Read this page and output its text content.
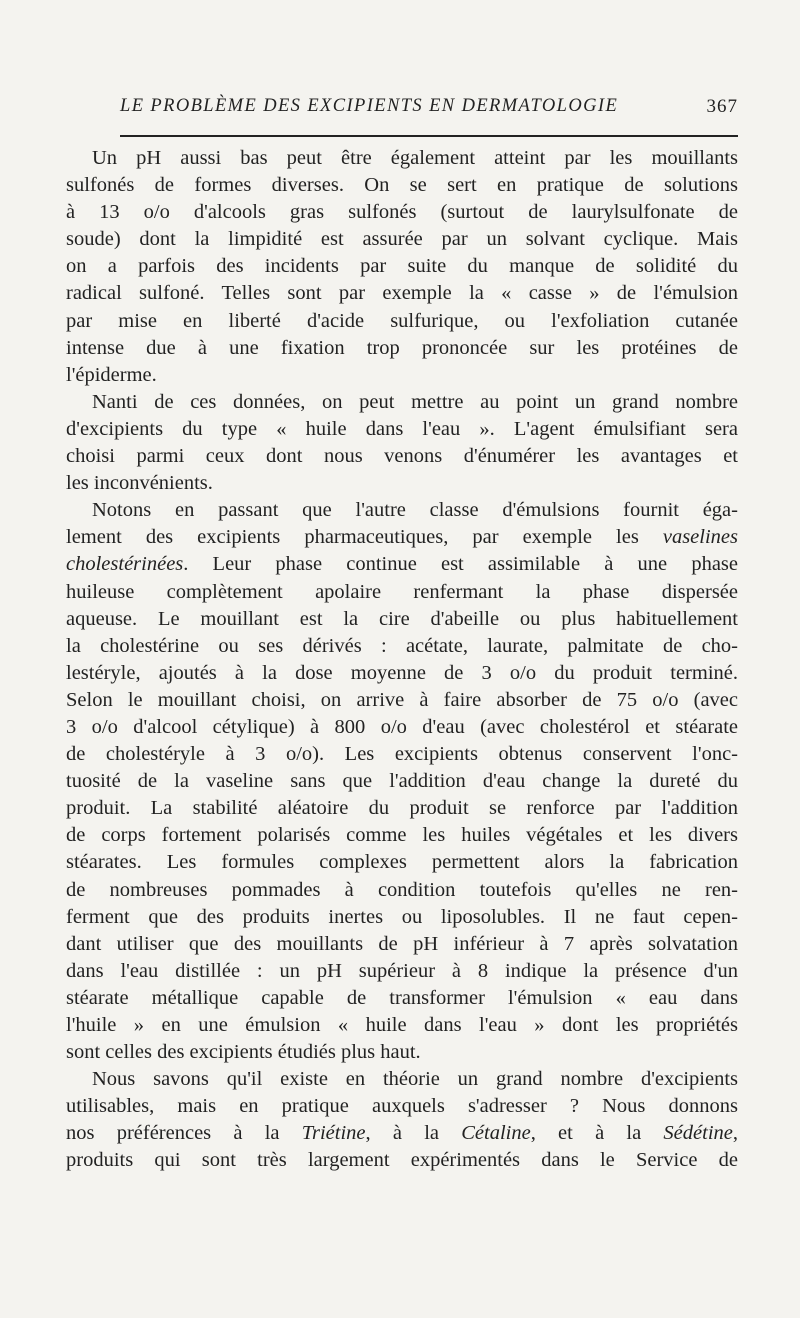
LE PROBLÈME DES EXCIPIENTS EN DERMATOLOGIE	367
Un pH aussi bas peut être également atteint par les mouillants
sulfonés de formes diverses. On se sert en pratique de solutions
à 13 o/o d'alcools gras sulfonés (surtout de laurylsulfonate de
soude) dont la limpidité est assurée par un solvant cyclique. Mais
on a parfois des incidents par suite du manque de solidité du
radical sulfoné. Telles sont par exemple la « casse » de l'émulsion
par mise en liberté d'acide sulfurique, ou l'exfoliation cutanée
intense due à une fixation trop prononcée sur les protéines de
l'épiderme.
Nanti de ces données, on peut mettre au point un grand nombre
d'excipients du type « huile dans l'eau ». L'agent émulsifiant sera
choisi parmi ceux dont nous venons d'énumérer les avantages et
les inconvénients.
Notons en passant que l'autre classe d'émulsions fournit éga-
lement des excipients pharmaceutiques, par exemple les vaselines
cholestérinées. Leur phase continue est assimilable à une phase
huileuse complètement apolaire renfermant la phase dispersée
aqueuse. Le mouillant est la cire d'abeille ou plus habituellement
la cholestérine ou ses dérivés : acétate, laurate, palmitate de cho-
lestéryle, ajoutés à la dose moyenne de 3 o/o du produit terminé.
Selon le mouillant choisi, on arrive à faire absorber de 75 o/o (avec
3 o/o d'alcool cétylique) à 800 o/o d'eau (avec cholestérol et stéarate
de cholestéryle à 3 o/o). Les excipients obtenus conservent l'onc-
tuosité de la vaseline sans que l'addition d'eau change la dureté du
produit. La stabilité aléatoire du produit se renforce par l'addition
de corps fortement polarisés comme les huiles végétales et les divers
stéarates. Les formules complexes permettent alors la fabrication
de nombreuses pommades à condition toutefois qu'elles ne ren-
ferment que des produits inertes ou liposolubles. Il ne faut cepen-
dant utiliser que des mouillants de pH inférieur à 7 après solvatation
dans l'eau distillée : un pH supérieur à 8 indique la présence d'un
stéarate métallique capable de transformer l'émulsion « eau dans
l'huile » en une émulsion « huile dans l'eau » dont les propriétés
sont celles des excipients étudiés plus haut.
Nous savons qu'il existe en théorie un grand nombre d'excipients
utilisables, mais en pratique auxquels s'adresser ? Nous donnons
nos préférences à la Triétine, à la Cétaline, et à la Sédétine,
produits qui sont très largement expérimentés dans le Service de
